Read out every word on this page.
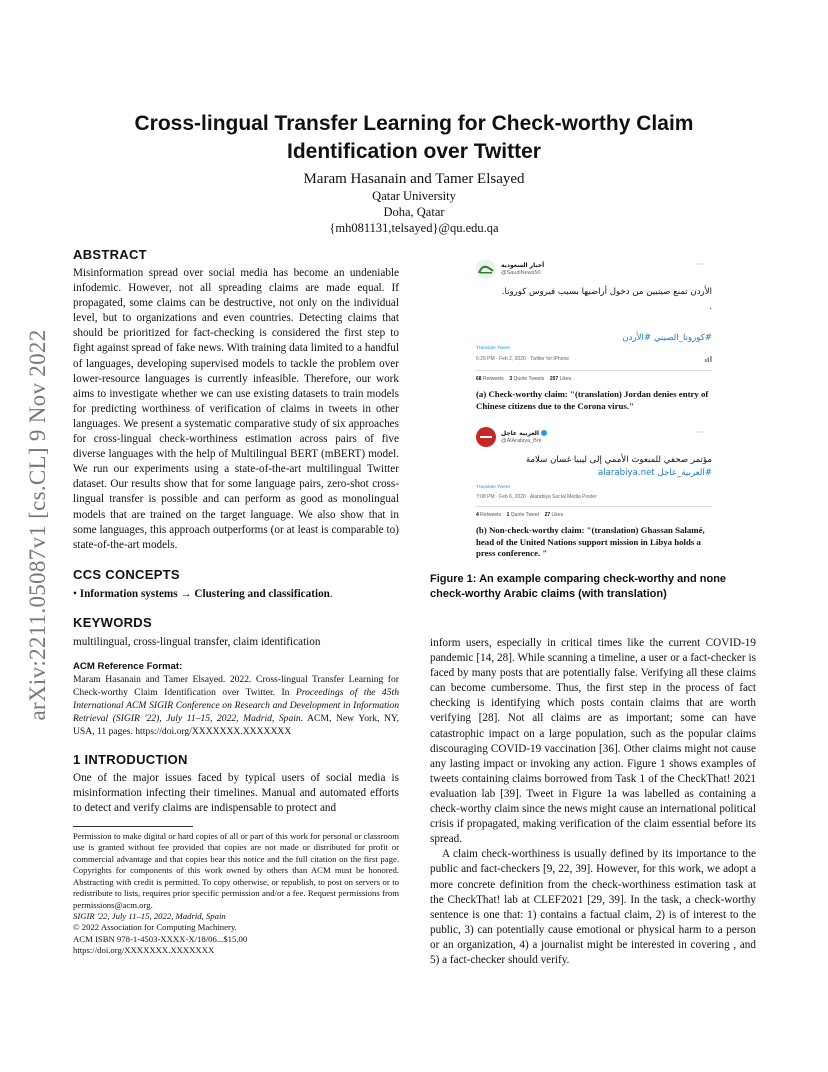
arXiv:2211.05087v1 [cs.CL] 9 Nov 2022
Cross-lingual Transfer Learning for Check-worthy Claim Identification over Twitter
Maram Hasanain and Tamer Elsayed
Qatar University
Doha, Qatar
{mh081131,telsayed}@qu.edu.qa
ABSTRACT

Misinformation spread over social media has become an undeniable infodemic. However, not all spreading claims are made equal. If propagated, some claims can be destructive, not only on the individual level, but to organizations and even countries. Detecting claims that should be prioritized for fact-checking is considered the first step to fight against spread of fake news. With training data limited to a handful of languages, developing supervised models to tackle the problem over lower-resource languages is currently infeasible. Therefore, our work aims to investigate whether we can use existing datasets to train models for predicting worthiness of verification of claims in tweets in other languages. We present a systematic comparative study of six approaches for cross-lingual check-worthiness estimation across pairs of five diverse languages with the help of Multilingual BERT (mBERT) model. We run our experiments using a state-of-the-art multilingual Twitter dataset. Our results show that for some language pairs, zero-shot cross-lingual transfer is possible and can perform as good as monolingual models that are trained on the target language. We also show that in some languages, this approach outperforms (or at least is comparable to) state-of-the-art models.

CCS CONCEPTS
• Information systems → Clustering and classification.
KEYWORDS
multilingual, cross-lingual transfer, claim identification
ACM Reference Format:

Maram Hasanain and Tamer Elsayed. 2022. Cross-lingual Transfer Learning for Check-worthy Claim Identification over Twitter. In Proceedings of the 45th International ACM SIGIR Conference on Research and Development in Information Retrieval (SIGIR '22), July 11–15, 2022, Madrid, Spain. ACM, New York, NY, USA, 11 pages. https://doi.org/XXXXXXX.XXXXXXX

1 INTRODUCTION

One of the major issues faced by typical users of social media is misinformation infecting their timelines. Manual and automated efforts to detect and verify claims are indispensable to protect and

Permission to make digital or hard copies of all or part of this work for personal or classroom use is granted without fee provided that copies are not made or distributed for profit or commercial advantage and that copies bear this notice and the full citation on the first page. Copyrights for components of this work owned by others than ACM must be honored. Abstracting with credit is permitted. To copy otherwise, or republish, to post on servers or to redistribute to lists, requires prior specific permission and/or a fee. Request permissions from permissions@acm.org.

SIGIR '22, July 11–15, 2022, Madrid, Spain

© 2022 Association for Computing Machinery.

ACM ISBN 978-1-4503-XXXX-X/18/06...$15.00

https://doi.org/XXXXXXX.XXXXXXX

أخبار السعودية
@SaudiNews50
···
الأردن تمنع صينيين من دخول أراضيها بسبب فيروس كورونا.
.
#كورونا_الصيني #الأردن
Translate Tweet
6:29 PM · Feb 2, 2020 · Twitter for iPhone
68 Retweets 3 Quote Tweets 207 Likes

(a) Check-worthy claim: "(translation) Jordan denies entry of Chinese citizens due to the Corona virus."

العربية عاجل
@AlArabiya_Brk
···
مؤتمر صحفي للمبعوث الأممي إلى ليبيا غسان سلامة
#العربية_عاجل alarabiya.net
Translate Tweet
7:08 PM · Feb 6, 2020 · Alarabiya Social Media Poster
4 Retweets 1 Quote Tweet 27 Likes

(b) Non-check-worthy claim: "(translation) Ghassan Salamé, head of the United Nations support mission in Libya holds a press conference. "

Figure 1: An example comparing check-worthy and none check-worthy Arabic claims (with translation)

inform users, especially in critical times like the current COVID-19 pandemic [14, 28]. While scanning a timeline, a user or a fact-checker is faced by many posts that are potentially false. Verifying all these claims can become cumbersome. Thus, the first step in the process of fact checking is identifying which posts contain claims that are worth verifying [28]. Not all claims are as important; some can have catastrophic impact on a large population, such as the popular claims discouraging COVID-19 vaccination [36]. Other claims might not cause any lasting impact or invoking any action. Figure 1 shows examples of tweets containing claims borrowed from Task 1 of the CheckThat! 2021 evaluation lab [39]. Tweet in Figure 1a was labelled as containing a check-worthy claim since the news might cause an international political crisis if propagated, making verification of the claim essential before its spread.

A claim check-worthiness is usually defined by its importance to the public and fact-checkers [9, 22, 39]. However, for this work, we adopt a more concrete definition from the check-worthiness estimation task at the CheckThat! lab at CLEF2021 [29, 39]. In the task, a check-worthy sentence is one that: 1) contains a factual claim, 2) is of interest to the public, 3) can potentially cause emotional or physical harm to a person or an organization, 4) a journalist might be interested in covering , and 5) a fact-checker should verify.
